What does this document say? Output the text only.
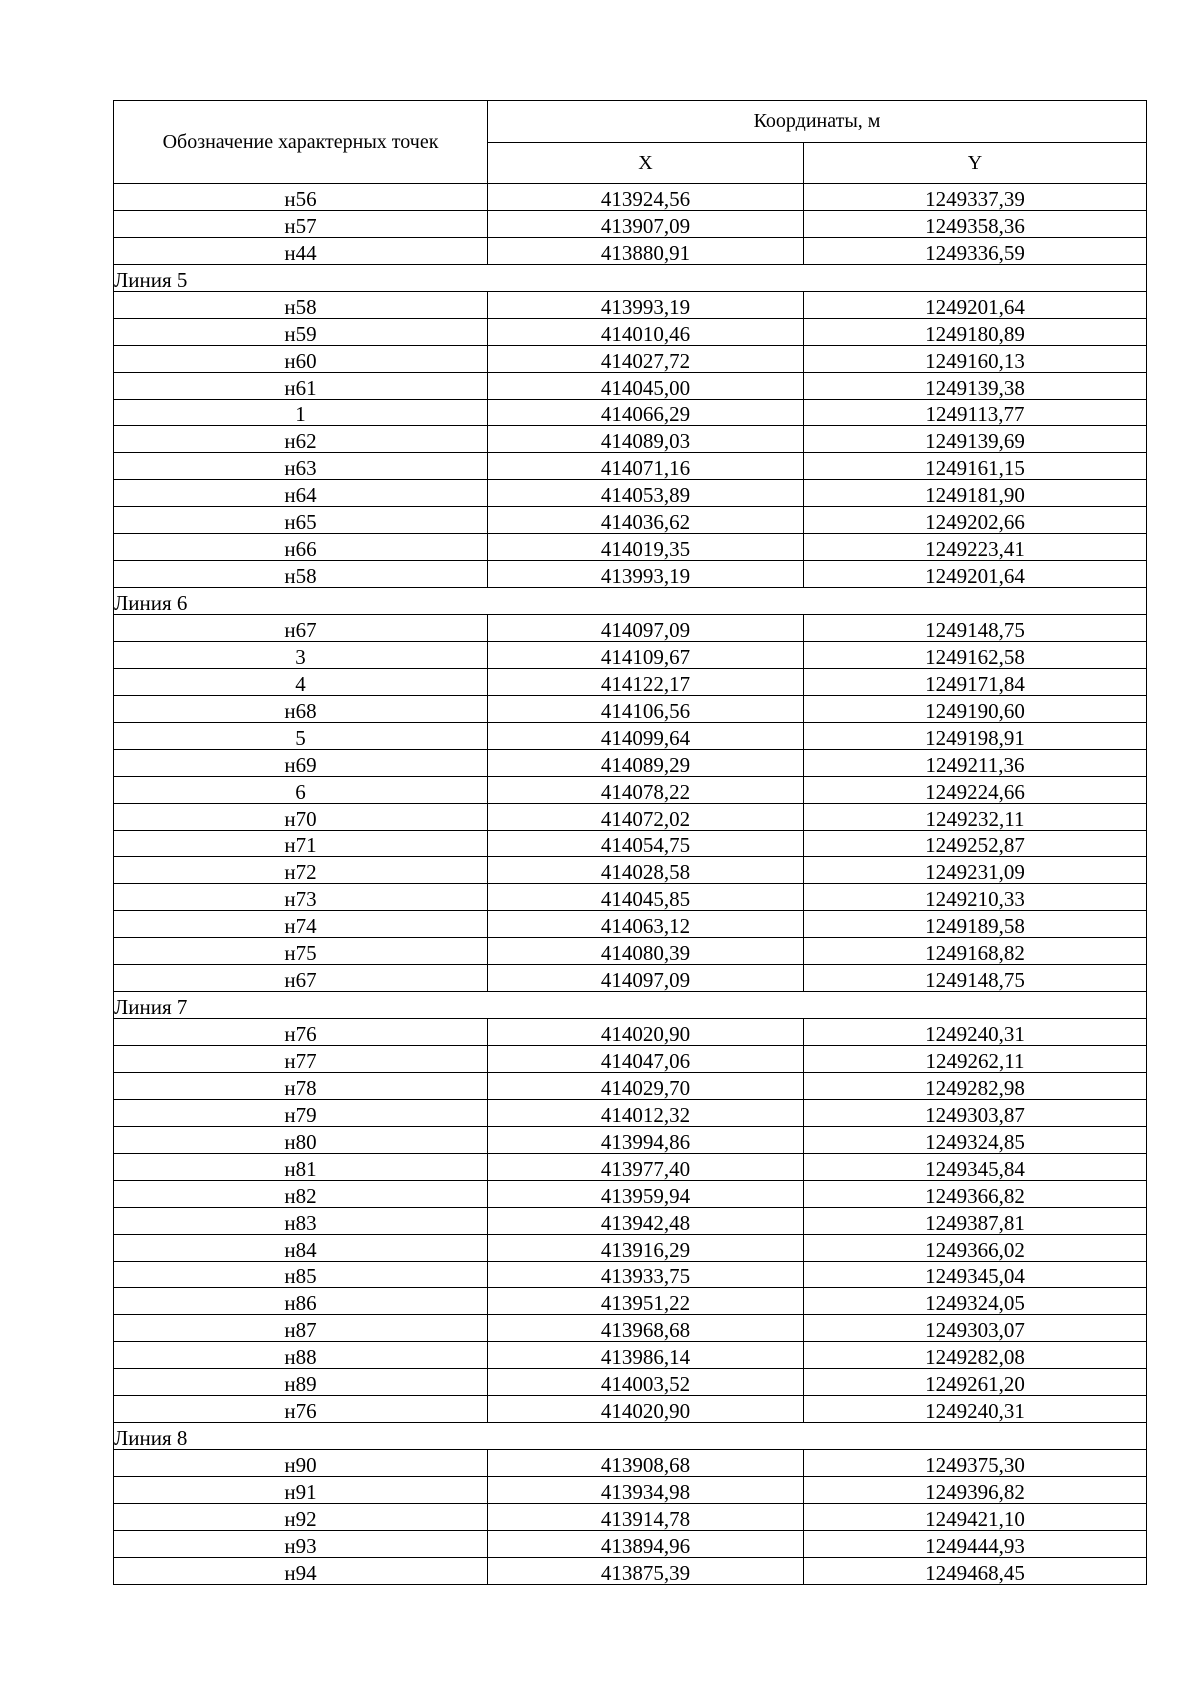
Обозначение характерных точек	Координаты, м	
	X	Y
н56	413924,56	1249337,39
н57	413907,09	1249358,36
н44	413880,91	1249336,59
Линия 5		
н58	413993,19	1249201,64
н59	414010,46	1249180,89
н60	414027,72	1249160,13
н61	414045,00	1249139,38
1	414066,29	1249113,77
н62	414089,03	1249139,69
н63	414071,16	1249161,15
н64	414053,89	1249181,90
н65	414036,62	1249202,66
н66	414019,35	1249223,41
н58	413993,19	1249201,64
Линия 6		
н67	414097,09	1249148,75
3	414109,67	1249162,58
4	414122,17	1249171,84
н68	414106,56	1249190,60
5	414099,64	1249198,91
н69	414089,29	1249211,36
6	414078,22	1249224,66
н70	414072,02	1249232,11
н71	414054,75	1249252,87
н72	414028,58	1249231,09
н73	414045,85	1249210,33
н74	414063,12	1249189,58
н75	414080,39	1249168,82
н67	414097,09	1249148,75
Линия 7		
н76	414020,90	1249240,31
н77	414047,06	1249262,11
н78	414029,70	1249282,98
н79	414012,32	1249303,87
н80	413994,86	1249324,85
н81	413977,40	1249345,84
н82	413959,94	1249366,82
н83	413942,48	1249387,81
н84	413916,29	1249366,02
н85	413933,75	1249345,04
н86	413951,22	1249324,05
н87	413968,68	1249303,07
н88	413986,14	1249282,08
н89	414003,52	1249261,20
н76	414020,90	1249240,31
Линия 8		
н90	413908,68	1249375,30
н91	413934,98	1249396,82
н92	413914,78	1249421,10
н93	413894,96	1249444,93
н94	413875,39	1249468,45
